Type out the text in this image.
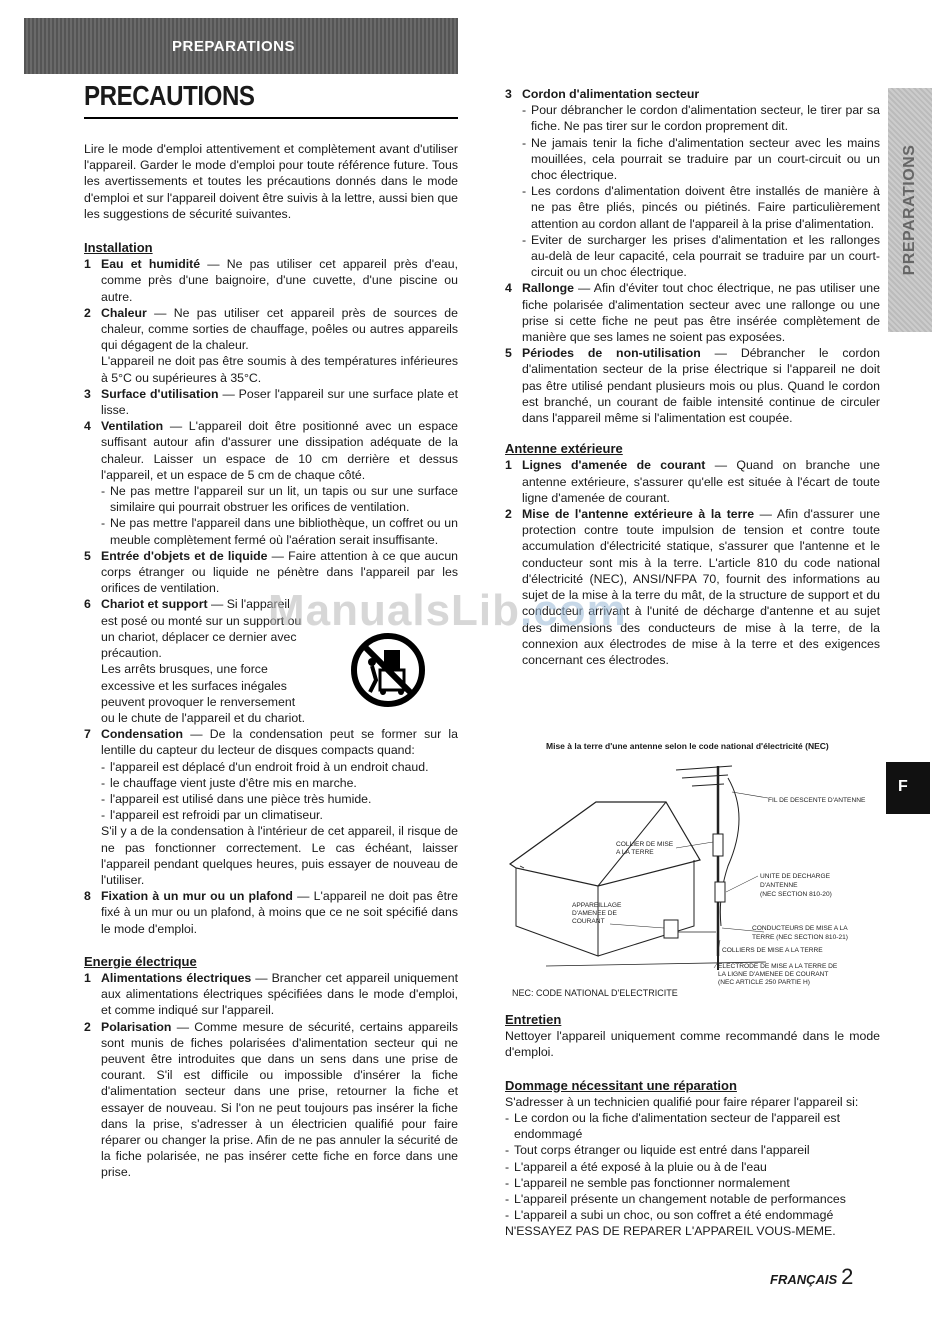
PREPARATIONS
PRECAUTIONS
PREPARATIONS
F

Lire le mode d'emploi attentivement et complètement avant d'utiliser l'appareil. Garder le mode d'emploi pour toute référence future. Tous les avertissements et toutes les précautions donnés dans le mode d'emploi et sur l'appareil doivent être suivis à la lettre, aussi bien que les suggestions de sécurité suivantes.

Installation
1 Eau et humidité — Ne pas utiliser cet appareil près d'eau, comme près d'une baignoire, d'une cuvette, d'une piscine ou autre.
2 Chaleur — Ne pas utiliser cet appareil près de sources de chaleur, comme sorties de chauffage, poêles ou autres appareils qui dégagent de la chaleur.
L'appareil ne doit pas être soumis à des températures inférieures à 5°C ou supérieures à 35°C.
3 Surface d'utilisation — Poser l'appareil sur une surface plate et lisse.
4 Ventilation — L'appareil doit être positionné avec un espace suffisant autour afin d'assurer une dissipation adéquate de la chaleur. Laisser un espace de 10 cm derrière et dessus l'appareil, et un espace de 5 cm de chaque côté.
- Ne pas mettre l'appareil sur un lit, un tapis ou sur une surface similaire qui pourrait obstruer les orifices de ventilation.
- Ne pas mettre l'appareil dans une bibliothèque, un coffret ou un meuble complètement fermé où l'aération serait insuffisante.
5 Entrée d'objets et de liquide — Faire attention à ce que aucun corps étranger ou liquide ne pénètre dans l'appareil par les orifices de ventilation.
6 Chariot et support — Si l'appareil est posé ou monté sur un support ou un chariot, déplacer ce dernier avec précaution.
Les arrêts brusques, une force excessive et les surfaces inégales peuvent provoquer le renversement ou le chute de l'appareil et du chariot.
7 Condensation — De la condensation peut se former sur la lentille du capteur du lecteur de disques compacts quand:
- l'appareil est déplacé d'un endroit froid à un endroit chaud.
- le chauffage vient juste d'être mis en marche.
- l'appareil est utilisé dans une pièce très humide.
- l'appareil est refroidi par un climatiseur.
S'il y a de la condensation à l'intérieur de cet appareil, il risque de ne pas fonctionner correctement. Le cas échéant, laisser l'appareil pendant quelques heures, puis essayer de nouveau de l'utiliser.
8 Fixation à un mur ou un plafond — L'appareil ne doit pas être fixé à un mur ou un plafond, à moins que ce ne soit spécifié dans le mode d'emploi.
Energie électrique
1 Alimentations électriques — Brancher cet appareil uniquement aux alimentations électriques spécifiées dans le mode d'emploi, et comme indiqué sur l'appareil.
2 Polarisation — Comme mesure de sécurité, certains appareils sont munis de fiches polarisées d'alimentation secteur qui ne peuvent être introduites que dans un sens dans une prise de courant. S'il est difficile ou impossible d'insérer la fiche d'alimentation secteur dans une prise, retourner la fiche et essayer de nouveau. Si l'on ne peut toujours pas insérer la fiche dans la prise, s'adresser à un électricien qualifié pour faire réparer ou changer la prise. Afin de ne pas annuler la sécurité de la fiche polarisée, ne pas insérer cette fiche en force dans une prise.
3 Cordon d'alimentation secteur
- Pour débrancher le cordon d'alimentation secteur, le tirer par sa fiche. Ne pas tirer sur le cordon proprement dit.
- Ne jamais tenir la fiche d'alimentation secteur avec les mains mouillées, cela pourrait se traduire par un court-circuit ou un choc électrique.
- Les cordons d'alimentation doivent être installés de manière à ne pas être pliés, pincés ou piétinés. Faire particulièrement attention au cordon allant de l'appareil à la prise d'alimentation.
- Eviter de surcharger les prises d'alimentation et les rallonges au-delà de leur capacité, cela pourrait se traduire par un court-circuit ou un choc électrique.
4 Rallonge — Afin d'éviter tout choc électrique, ne pas utiliser une fiche polarisée d'alimentation secteur avec une rallonge ou une prise si cette fiche ne peut pas être insérée complètement de manière que ses lames ne soient pas exposées.
5 Périodes de non-utilisation — Débrancher le cordon d'alimentation secteur de la prise électrique si l'appareil ne doit pas être utilisé pendant plusieurs mois ou plus. Quand le cordon est branché, un courant de faible intensité continue de circuler dans l'appareil même si l'alimentation est coupée.
Antenne extérieure
1 Lignes d'amenée de courant — Quand on branche une antenne extérieure, s'assurer qu'elle est située à l'écart de toute ligne d'amenée de courant.
2 Mise de l'antenne extérieure à la terre — Afin d'assurer une protection contre toute impulsion de tension et contre toute accumulation d'électricité statique, s'assurer que l'antenne et le conducteur sont mis à la terre. L'article 810 du code national d'électricité (NEC), ANSI/NFPA 70, fournit des informations au sujet de la mise à la terre du mât, de la structure de support et du conducteur arrivant à l'unité de décharge d'antenne et au sujet des dimensions des conducteurs de mise à la terre, de la connexion aux électrodes de mise à la terre et des exigences concernant ces électrodes.
Mise à la terre d'une antenne selon le code national d'électricité (NEC)
FIL DE DESCENTE D'ANTENNE
COLLIER DE MISE
A LA TERRE
UNITE DE DECHARGE
D'ANTENNE
(NEC SECTION 810-20)
APPAREILLAGE
D'AMENEE DE
COURANT
CONDUCTEURS DE MISE A LA
TERRE (NEC SECTION 810-21)
COLLIERS DE MISE A LA TERRE
ELECTRODE DE MISE A LA TERRE DE
LA LIGNE D'AMENEE DE COURANT
(NEC ARTICLE 250 PARTIE H)
NEC: CODE NATIONAL D'ELECTRICITE
Entretien

Nettoyer l'appareil uniquement comme recommandé dans le mode d'emploi.

Dommage nécessitant une réparation

S'adresser à un technicien qualifié pour faire réparer l'appareil si:

- Le cordon ou la fiche d'alimentation secteur de l'appareil est endommagé
- Tout corps étranger ou liquide est entré dans l'appareil
- L'appareil a été exposé à la pluie ou à de l'eau
- L'appareil ne semble pas fonctionner normalement
- L'appareil présente un changement notable de performances
- L'appareil a subi un choc, ou son coffret a été endommagé

N'ESSAYEZ PAS DE REPARER L'APPAREIL VOUS-MEME.

ManualsLib.com
FRANÇAIS 2
